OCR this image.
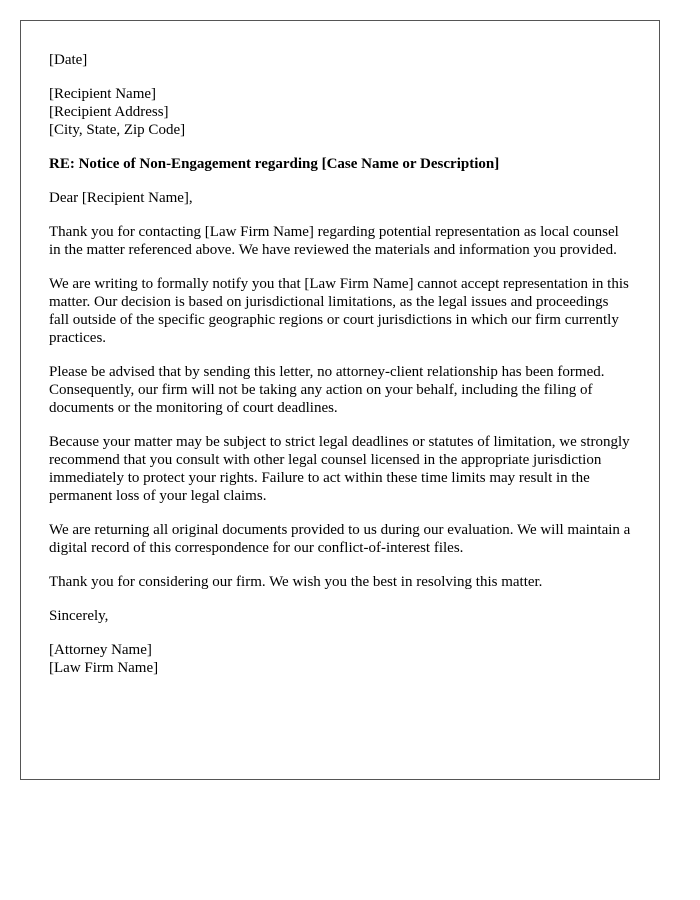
[Date]
[Recipient Name]
[Recipient Address]
[City, State, Zip Code]

RE: Notice of Non-Engagement regarding [Case Name or Description]

Dear [Recipient Name],

Thank you for contacting [Law Firm Name] regarding potential representation as local counsel in the matter referenced above. We have reviewed the materials and information you provided.

We are writing to formally notify you that [Law Firm Name] cannot accept representation in this matter. Our decision is based on jurisdictional limitations, as the legal issues and proceedings fall outside of the specific geographic regions or court jurisdictions in which our firm currently practices.

Please be advised that by sending this letter, no attorney-client relationship has been formed. Consequently, our firm will not be taking any action on your behalf, including the filing of documents or the monitoring of court deadlines.

Because your matter may be subject to strict legal deadlines or statutes of limitation, we strongly recommend that you consult with other legal counsel licensed in the appropriate jurisdiction immediately to protect your rights. Failure to act within these time limits may result in the permanent loss of your legal claims.

We are returning all original documents provided to us during our evaluation. We will maintain a digital record of this correspondence for our conflict-of-interest files.

Thank you for considering our firm. We wish you the best in resolving this matter.

Sincerely,

[Attorney Name]
[Law Firm Name]
